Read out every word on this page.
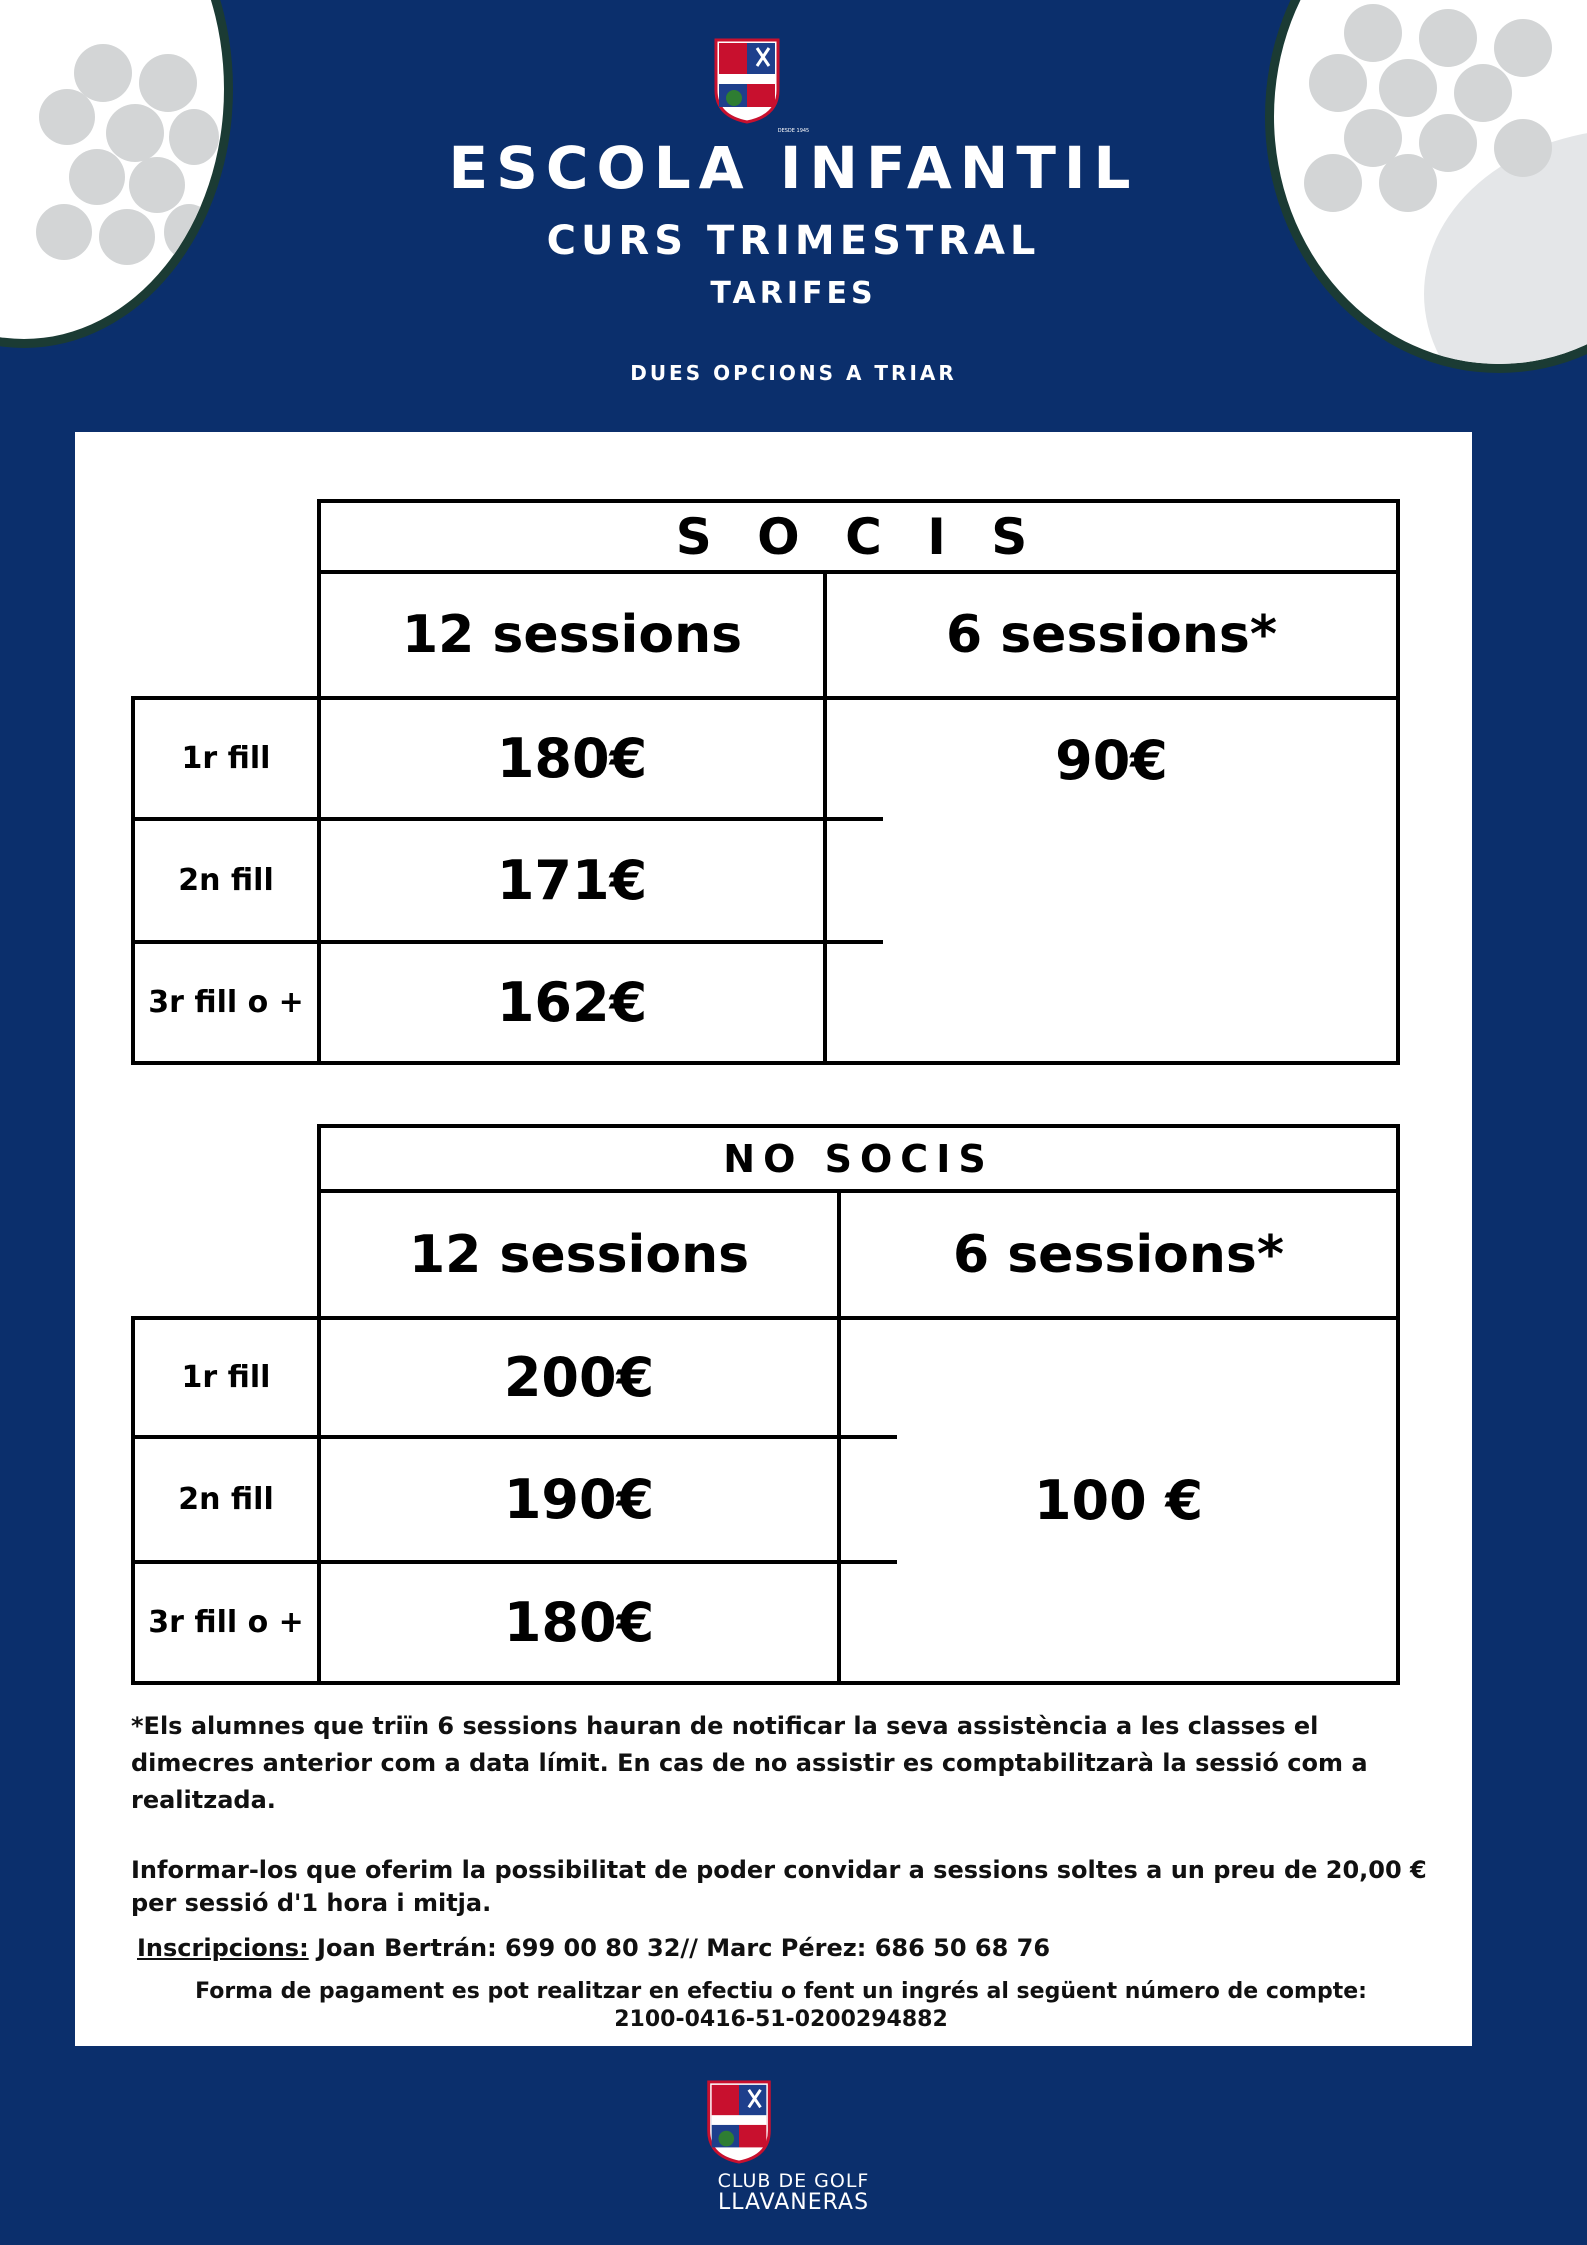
DESDE 1945
ESCOLA INFANTIL
CURS TRIMESTRAL
TARIFES
DUES OPCIONS A TRIAR
S O C I S
12 sessions	6 sessions*
1r fill
2n fill
3r fill o +
180€
171€
162€
90€
NO SOCIS
12 sessions	6 sessions*
1r fill
2n fill
3r fill o +
200€
190€
180€
100 €
*Els alumnes que triïn 6 sessions hauran de notificar la seva assistència a les classes el dimecres anterior com a data límit. En cas de no assistir es comptabilitzarà la sessió com a realitzada.
Informar-los que oferim la possibilitat de poder convidar a sessions soltes a un preu de 20,00 € per sessió d'1 hora i mitja.
Inscripcions: Joan Bertrán: 699 00 80 32// Marc Pérez: 686 50 68 76
Forma de pagament es pot realitzar en efectiu o fent un ingrés al següent número de compte:
2100-0416-51-0200294882
CLUB DE GOLF
LLAVANERAS
